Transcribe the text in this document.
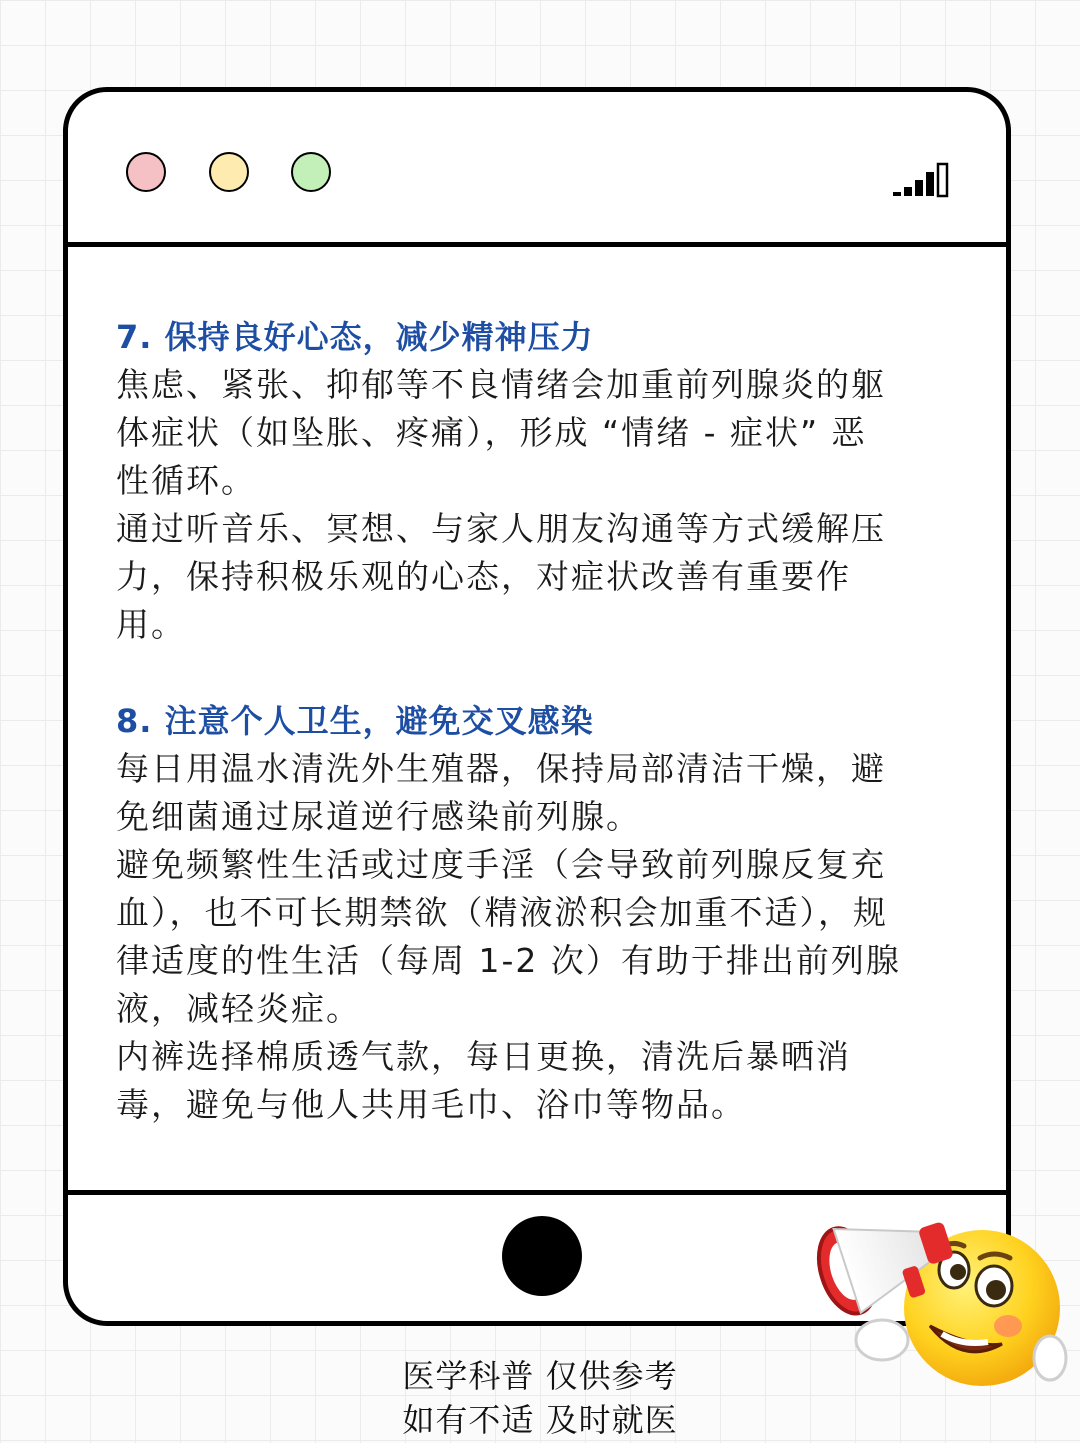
7. 保持良好心态，减少精神压力

焦虑、紧张、抑郁等不良情绪会加重前列腺炎的躯

体症状（如坠胀、疼痛），形成 “情绪 - 症状” 恶

性循环。

通过听音乐、冥想、与家人朋友沟通等方式缓解压

力，保持积极乐观的心态，对症状改善有重要作

用。

8. 注意个人卫生，避免交叉感染

每日用温水清洗外生殖器，保持局部清洁干燥，避

免细菌通过尿道逆行感染前列腺。

避免频繁性生活或过度手淫（会导致前列腺反复充

血），也不可长期禁欲（精液淤积会加重不适），规

律适度的性生活（每周 1-2 次）有助于排出前列腺

液，减轻炎症。

内裤选择棉质透气款，每日更换，清洗后暴晒消

毒，避免与他人共用毛巾、浴巾等物品。

医学科普 仅供参考
如有不适 及时就医
